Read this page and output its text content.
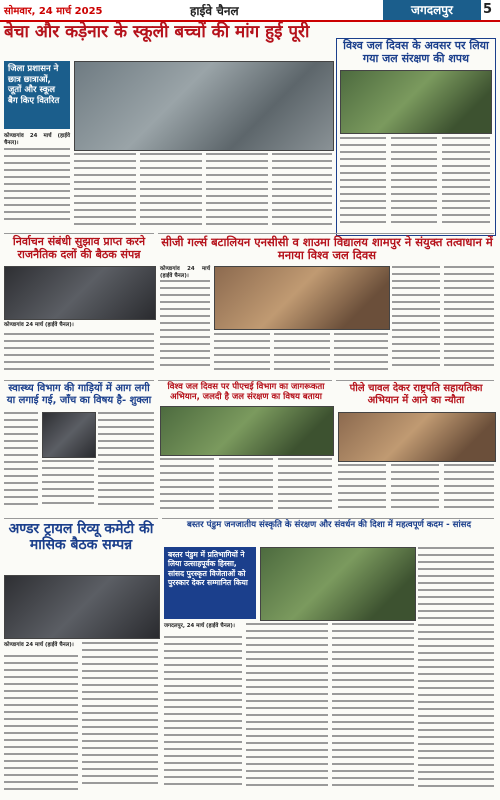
सोमवार, 24 मार्च 2025	हाईवे चैनल	जगदलपुर	5
बेचा और कड़ेनार के स्कूली बच्चों की मांग हुई पूरी
जिला प्रशासन ने छात्र छात्राओं, जूतों और स्कूल बैग किए वितरित

कोण्डागांव 24 मार्च (हाईवे चैनल)।

विश्व जल दिवस के अवसर पर लिया गया जल संरक्षण की शपथ
निर्वाचन संबंधी सुझाव प्राप्त करने राजनैतिक दलों की बैठक संपन्न

कोण्डागांव 24 मार्च (हाईवे चैनल)।

सीजी गर्ल्स बटालियन एनसीसी व शाउमा विद्यालय शामपुर ने संयुक्त तत्वाधान में मनाया विश्व जल दिवस

कोण्डागांव 24 मार्च (हाईवे चैनल)।

स्वास्थ्य विभाग की गाड़ियों में आग लगी या लगाई गई, जाँच का विषय है- शुक्ला
विश्व जल दिवस पर पीएचई विभाग का जागरूकता अभियान, जलदी है जल संरक्षण का विषय बताया
पीले चावल देकर राष्ट्रपति सहायतिका अभियान में आने का न्यौता
अण्डर ट्रायल रिव्यू कमेटी की मासिक बैठक सम्पन्न

कोण्डागांव 24 मार्च (हाईवे चैनल)।

बस्तर पंडुम जनजातीय संस्कृति के संरक्षण और संवर्धन की दिशा में महत्वपूर्ण कदम - सांसद
बस्तर पंडुम में प्रतिभागियों ने लिया उत्साहपूर्वक हिस्सा, सांसद पुरस्कृत विजेताओं को पुरस्कार देकर सम्मानित किया

जगदलपुर, 24 मार्च (हाईवे चैनल)।
